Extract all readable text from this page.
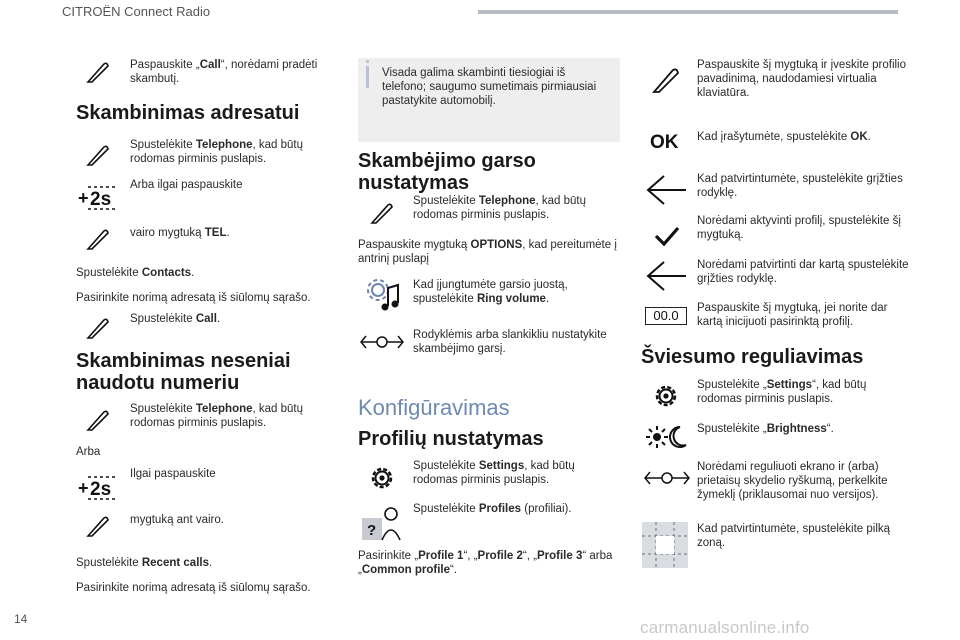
CITROËN Connect Radio
Paspauskite „Call“, norėdami pradėti skambutį.
Skambinimas adresatui
Spustelėkite Telephone, kad būtų rodomas pirminis puslapis.
+ 2s
Arba ilgai paspauskite
vairo mygtuką TEL.
Spustelėkite Contacts.
Pasirinkite norimą adresatą iš siūlomų sąrašo.
Spustelėkite Call.
Skambinimas neseniai naudotu numeriu
Spustelėkite Telephone, kad būtų rodomas pirminis puslapis.
Arba
+ 2s
Ilgai paspauskite
mygtuką ant vairo.
Spustelėkite Recent calls.
Pasirinkite norimą adresatą iš siūlomų sąrašo.
Visada galima skambinti tiesiogiai iš telefono; saugumo sumetimais pirmiausiai pastatykite automobilį.
Skambėjimo garso nustatymas
Spustelėkite Telephone, kad būtų rodomas pirminis puslapis.
Paspauskite mygtuką OPTIONS, kad pereitumėte į antrinį puslapį
Kad įjungtumėte garsio juostą, spustelėkite Ring volume.
Rodyklėmis arba slankikliu nustatykite skambėjimo garsį.
Konfigūravimas
Profilių nustatymas
Spustelėkite Settings, kad būtų rodomas pirminis puslapis.
?
Spustelėkite Profiles (profiliai).
Pasirinkite „Profile 1“, „Profile 2“, „Profile 3“ arba „Common profile“.
Paspauskite šį mygtuką ir įveskite profilio pavadinimą, naudodamiesi virtualia klaviatūra.
OK Kad įrašytumėte, spustelėkite OK.
Kad patvirtintumėte, spustelėkite grįžties rodyklę.
Norėdami aktyvinti profilį, spustelėkite šį mygtuką.
Norėdami patvirtinti dar kartą spustelėkite grįžties rodyklę.
00.0	Paspauskite šį mygtuką, jei norite dar kartą inicijuoti pasirinktą profilį.
Šviesumo reguliavimas
Spustelėkite „Settings“, kad būtų rodomas pirminis puslapis.
Spustelėkite „Brightness“.
Norėdami reguliuoti ekrano ir (arba) prietaisų skydelio ryškumą, perkelkite žymeklį (priklausomai nuo versijos).
Kad patvirtintumėte, spustelėkite pilką zoną.
14	carmanualsonline.info
